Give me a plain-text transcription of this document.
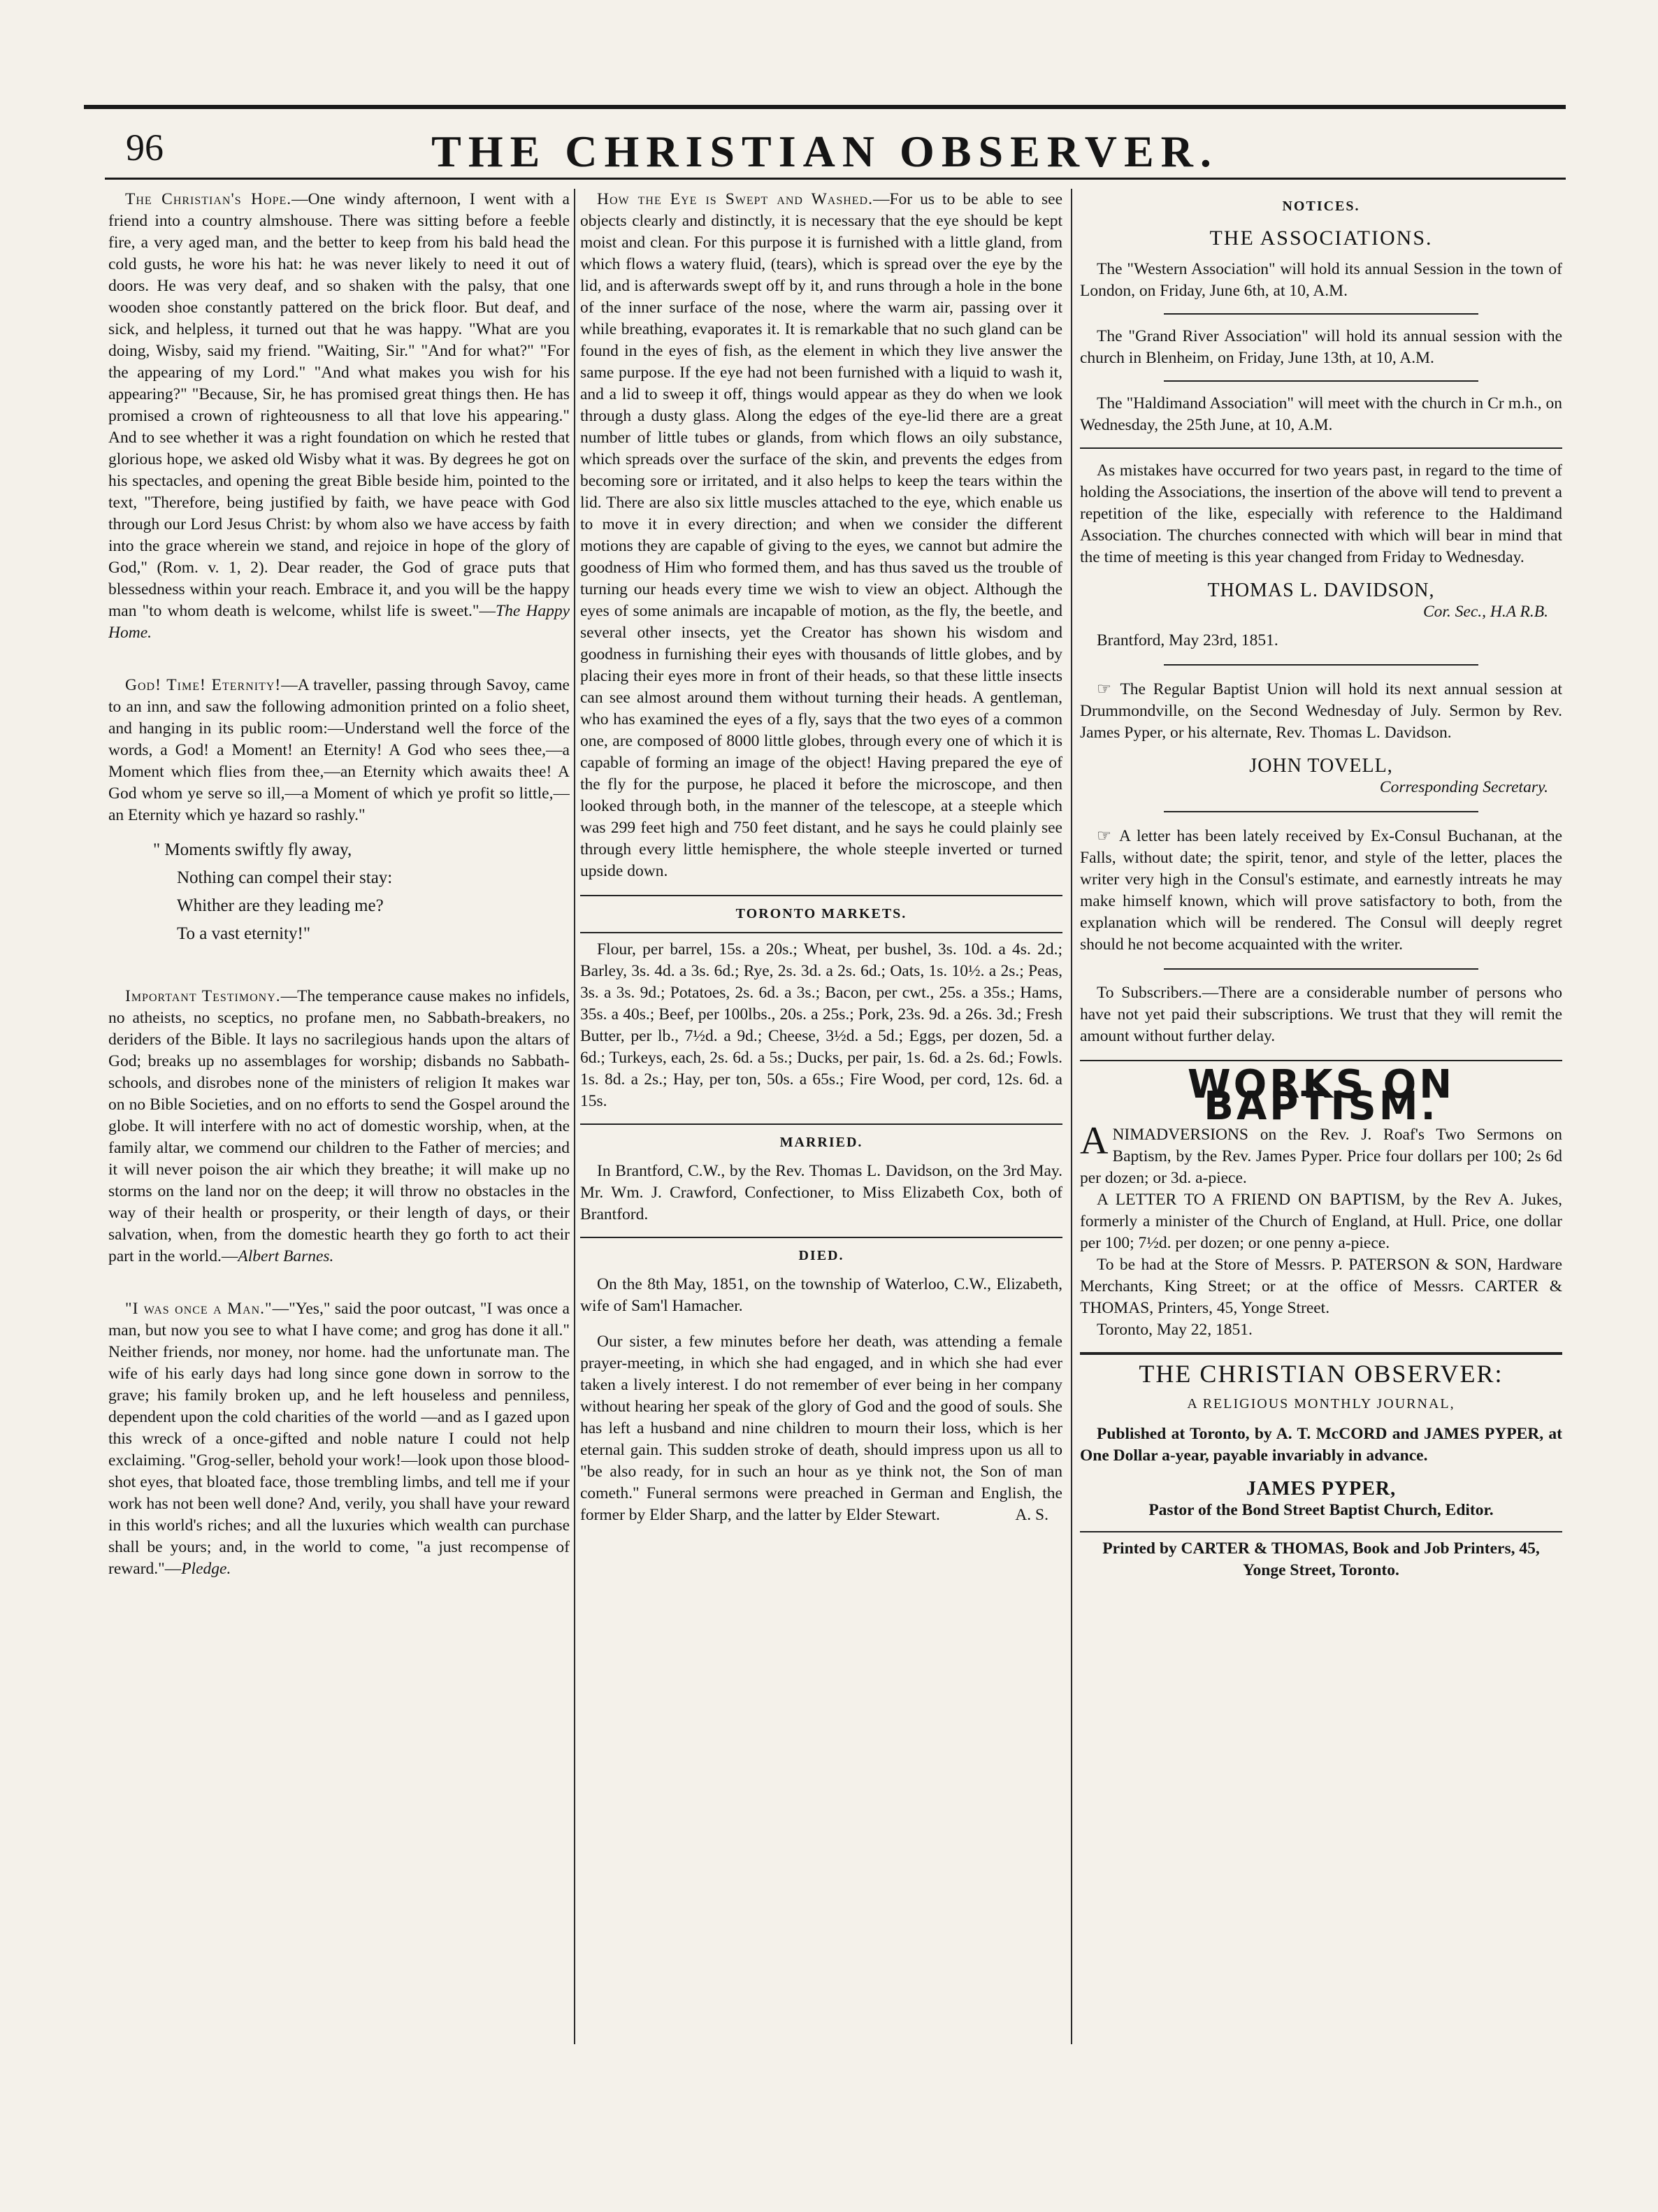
96	THE CHRISTIAN OBSERVER.

The Christian's Hope.—One windy afternoon, I went with a friend into a country almshouse. There was sitting before a feeble fire, a very aged man, and the better to keep from his bald head the cold gusts, he wore his hat: he was never likely to need it out of doors. He was very deaf, and so shaken with the palsy, that one wooden shoe constantly pattered on the brick floor. But deaf, and sick, and helpless, it turned out that he was happy. "What are you doing, Wisby, said my friend. "Waiting, Sir." "And for what?" "For the appearing of my Lord." "And what makes you wish for his appearing?" "Because, Sir, he has promised great things then. He has promised a crown of righteousness to all that love his appearing." And to see whether it was a right foundation on which he rested that glorious hope, we asked old Wisby what it was. By degrees he got on his spectacles, and opening the great Bible beside him, pointed to the text, "Therefore, being justified by faith, we have peace with God through our Lord Jesus Christ: by whom also we have access by faith into the grace wherein we stand, and rejoice in hope of the glory of God," (Rom. v. 1, 2). Dear reader, the God of grace puts that blessedness within your reach. Embrace it, and you will be the happy man "to whom death is welcome, whilst life is sweet."—The Happy Home.

God! Time! Eternity!—A traveller, passing through Savoy, came to an inn, and saw the following admonition printed on a folio sheet, and hanging in its public room:—Understand well the force of the words, a God! a Moment! an Eternity! A God who sees thee,—a Moment which flies from thee,—an Eternity which awaits thee! A God whom ye serve so ill,—a Moment of which ye profit so little,—an Eternity which ye hazard so rashly."

" Moments swiftly fly away,
Nothing can compel their stay:
Whither are they leading me?
To a vast eternity!"

Important Testimony.—The temperance cause makes no infidels, no atheists, no sceptics, no profane men, no Sabbath-breakers, no deriders of the Bible. It lays no sacrilegious hands upon the altars of God; breaks up no assemblages for worship; disbands no Sabbath-schools, and disrobes none of the ministers of religion It makes war on no Bible Societies, and on no efforts to send the Gospel around the globe. It will interfere with no act of domestic worship, when, at the family altar, we commend our children to the Father of mercies; and it will never poison the air which they breathe; it will make up no storms on the land nor on the deep; it will throw no obstacles in the way of their health or prosperity, or their length of days, or their salvation, when, from the domestic hearth they go forth to act their part in the world.—Albert Barnes.

"I was once a Man."—"Yes," said the poor outcast, "I was once a man, but now you see to what I have come; and grog has done it all." Neither friends, nor money, nor home. had the unfortunate man. The wife of his early days had long since gone down in sorrow to the grave; his family broken up, and he left houseless and penniless, dependent upon the cold charities of the world —and as I gazed upon this wreck of a once-gifted and noble nature I could not help exclaiming. "Grog-seller, behold your work!—look upon those blood-shot eyes, that bloated face, those trembling limbs, and tell me if your work has not been well done? And, verily, you shall have your reward in this world's riches; and all the luxuries which wealth can purchase shall be yours; and, in the world to come, "a just recompense of reward."—Pledge.

How the Eye is Swept and Washed.—For us to be able to see objects clearly and distinctly, it is necessary that the eye should be kept moist and clean. For this purpose it is furnished with a little gland, from which flows a watery fluid, (tears), which is spread over the eye by the lid, and is afterwards swept off by it, and runs through a hole in the bone of the inner surface of the nose, where the warm air, passing over it while breathing, evaporates it. It is remarkable that no such gland can be found in the eyes of fish, as the element in which they live answer the same purpose. If the eye had not been furnished with a liquid to wash it, and a lid to sweep it off, things would appear as they do when we look through a dusty glass. Along the edges of the eye-lid there are a great number of little tubes or glands, from which flows an oily substance, which spreads over the surface of the skin, and prevents the edges from becoming sore or irritated, and it also helps to keep the tears within the lid. There are also six little muscles attached to the eye, which enable us to move it in every direction; and when we consider the different motions they are capable of giving to the eyes, we cannot but admire the goodness of Him who formed them, and has thus saved us the trouble of turning our heads every time we wish to view an object. Although the eyes of some animals are incapable of motion, as the fly, the beetle, and several other insects, yet the Creator has shown his wisdom and goodness in furnishing their eyes with thousands of little globes, and by placing their eyes more in front of their heads, so that these little insects can see almost around them without turning their heads. A gentleman, who has examined the eyes of a fly, says that the two eyes of a common one, are composed of 8000 little globes, through every one of which it is capable of forming an image of the object! Having prepared the eye of the fly for the purpose, he placed it before the microscope, and then looked through both, in the manner of the telescope, at a steeple which was 299 feet high and 750 feet distant, and he says he could plainly see through every little hemisphere, the whole steeple inverted or turned upside down.

TORONTO MARKETS.

Flour, per barrel, 15s. a 20s.; Wheat, per bushel, 3s. 10d. a 4s. 2d.; Barley, 3s. 4d. a 3s. 6d.; Rye, 2s. 3d. a 2s. 6d.; Oats, 1s. 10½. a 2s.; Peas, 3s. a 3s. 9d.; Potatoes, 2s. 6d. a 3s.; Bacon, per cwt., 25s. a 35s.; Hams, 35s. a 40s.; Beef, per 100lbs., 20s. a 25s.; Pork, 23s. 9d. a 26s. 3d.; Fresh Butter, per lb., 7½d. a 9d.; Cheese, 3½d. a 5d.; Eggs, per dozen, 5d. a 6d.; Turkeys, each, 2s. 6d. a 5s.; Ducks, per pair, 1s. 6d. a 2s. 6d.; Fowls. 1s. 8d. a 2s.; Hay, per ton, 50s. a 65s.; Fire Wood, per cord, 12s. 6d. a 15s.

MARRIED.

In Brantford, C.W., by the Rev. Thomas L. Davidson, on the 3rd May. Mr. Wm. J. Crawford, Confectioner, to Miss Elizabeth Cox, both of Brantford.

DIED.

On the 8th May, 1851, on the township of Waterloo, C.W., Elizabeth, wife of Sam'l Hamacher.

Our sister, a few minutes before her death, was attending a female prayer-meeting, in which she had engaged, and in which she had ever taken a lively interest. I do not remember of ever being in her company without hearing her speak of the glory of God and the good of souls. She has left a husband and nine children to mourn their loss, which is her eternal gain. This sudden stroke of death, should impress upon us all to "be also ready, for in such an hour as ye think not, the Son of man cometh." Funeral sermons were preached in German and English, the former by Elder Sharp, and the latter by Elder Stewart.	A. S.

NOTICES.
THE ASSOCIATIONS.

The "Western Association" will hold its annual Session in the town of London, on Friday, June 6th, at 10, A.M.

The "Grand River Association" will hold its annual session with the church in Blenheim, on Friday, June 13th, at 10, A.M.

The "Haldimand Association" will meet with the church in Cr m.h., on Wednesday, the 25th June, at 10, A.M.

As mistakes have occurred for two years past, in regard to the time of holding the Associations, the insertion of the above will tend to prevent a repetition of the like, especially with reference to the Haldimand Association. The churches connected with which will bear in mind that the time of meeting is this year changed from Friday to Wednesday.

THOMAS L. DAVIDSON,
Cor. Sec., H.A R.B.

Brantford, May 23rd, 1851.

☞ The Regular Baptist Union will hold its next annual session at Drummondville, on the Second Wednesday of July. Sermon by Rev. James Pyper, or his alternate, Rev. Thomas L. Davidson.

JOHN TOVELL,
Corresponding Secretary.

☞ A letter has been lately received by Ex-Consul Buchanan, at the Falls, without date; the spirit, tenor, and style of the letter, places the writer very high in the Consul's estimate, and earnestly intreats he may make himself known, which will prove satisfactory to both, from the explanation which will be rendered. The Consul will deeply regret should he not become acquainted with the writer.

To Subscribers.—There are a considerable number of persons who have not yet paid their subscriptions. We trust that they will remit the amount without further delay.

WORKS ON BAPTISM.

ANIMADVERSIONS on the Rev. J. Roaf's Two Sermons on Baptism, by the Rev. James Pyper. Price four dollars per 100; 2s 6d per dozen; or 3d. a-piece.

A LETTER TO A FRIEND ON BAPTISM, by the Rev A. Jukes, formerly a minister of the Church of England, at Hull. Price, one dollar per 100; 7½d. per dozen; or one penny a-piece.

To be had at the Store of Messrs. P. PATERSON & SON, Hardware Merchants, King Street; or at the office of Messrs. CARTER & THOMAS, Printers, 45, Yonge Street.

Toronto, May 22, 1851.

THE CHRISTIAN OBSERVER:
A RELIGIOUS MONTHLY JOURNAL,

Published at Toronto, by A. T. McCORD and JAMES PYPER, at One Dollar a-year, payable invariably in advance.

JAMES PYPER,
Pastor of the Bond Street Baptist Church, Editor.
Printed by CARTER & THOMAS, Book and Job Printers, 45, Yonge Street, Toronto.
